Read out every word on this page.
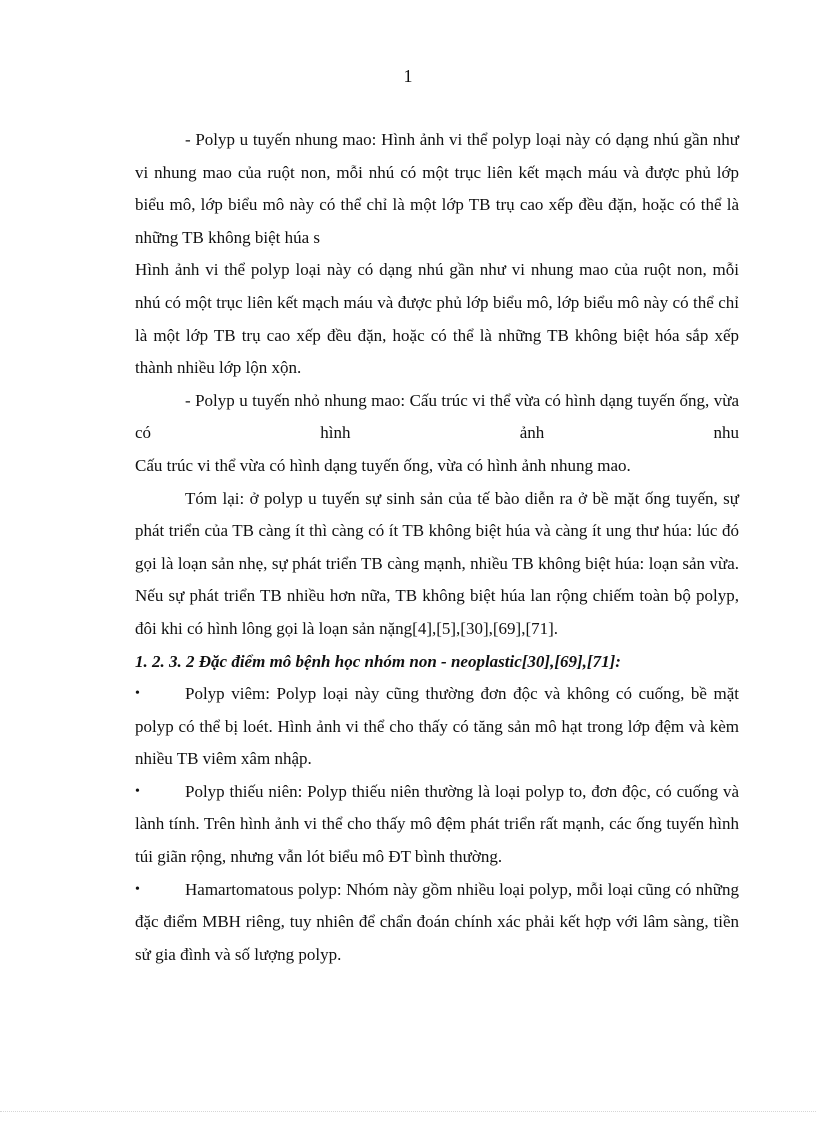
1

- Polyp u tuyến nhung mao: Hình ảnh vi thể polyp loại này có dạng nhú gần như vi nhung mao của ruột non, mỗi nhú có một trục liên kết mạch máu và được phủ lớp biểu mô, lớp biểu mô này có thể chỉ là một lớp TB trụ cao xếp đều đặn, hoặc có thể là những TB không biệt húa s

Hình ảnh vi thể polyp loại này có dạng nhú gần như vi nhung mao của ruột non, mỗi nhú có một trục liên kết mạch máu và được phủ lớp biểu mô, lớp biểu mô này có thể chỉ là một lớp TB trụ cao xếp đều đặn, hoặc có thể là những TB không biệt hóa sắp xếp thành nhiều lớp lộn xộn.

- Polyp u tuyến nhỏ nhung mao: Cấu trúc vi thể vừa có hình dạng tuyến ống, vừa có hình ảnh nhu

Cấu trúc vi thể vừa có hình dạng tuyến ống, vừa có hình ảnh nhung mao.

Tóm lại: ở polyp u tuyến sự sinh sản của tế bào diễn ra ở bề mặt ống tuyến, sự phát triển của TB càng ít thì càng có ít TB không biệt húa và càng ít ung thư húa: lúc đó gọi là loạn sản nhẹ, sự phát triển TB càng mạnh, nhiều TB không biệt húa: loạn sản vừa. Nếu sự phát triển TB nhiều hơn nữa, TB không biệt húa lan rộng chiếm toàn bộ polyp, đôi khi có hình lông gọi là loạn sản nặng[4],[5],[30],[69],[71].

1. 2. 3. 2 Đặc điểm mô bệnh học nhóm non - neoplastic[30],[69],[71]:

•	Polyp viêm: Polyp loại này cũng thường đơn độc và không có cuống, bề mặt polyp có thể bị loét. Hình ảnh vi thể cho thấy có tăng sản mô hạt trong lớp đệm và kèm nhiều TB viêm xâm nhập.
•	Polyp thiếu niên: Polyp thiếu niên thường là loại polyp to, đơn độc, có cuống và lành tính. Trên hình ảnh vi thể cho thấy mô đệm phát triển rất mạnh, các ống tuyến hình túi giãn rộng, nhưng vẫn lót biểu mô ĐT bình thường.
•	Hamartomatous polyp: Nhóm này gồm nhiều loại polyp, mỗi loại cũng có những đặc điểm MBH riêng, tuy nhiên để chẩn đoán chính xác phải kết hợp với lâm sàng, tiền sử gia đình và số lượng polyp.
